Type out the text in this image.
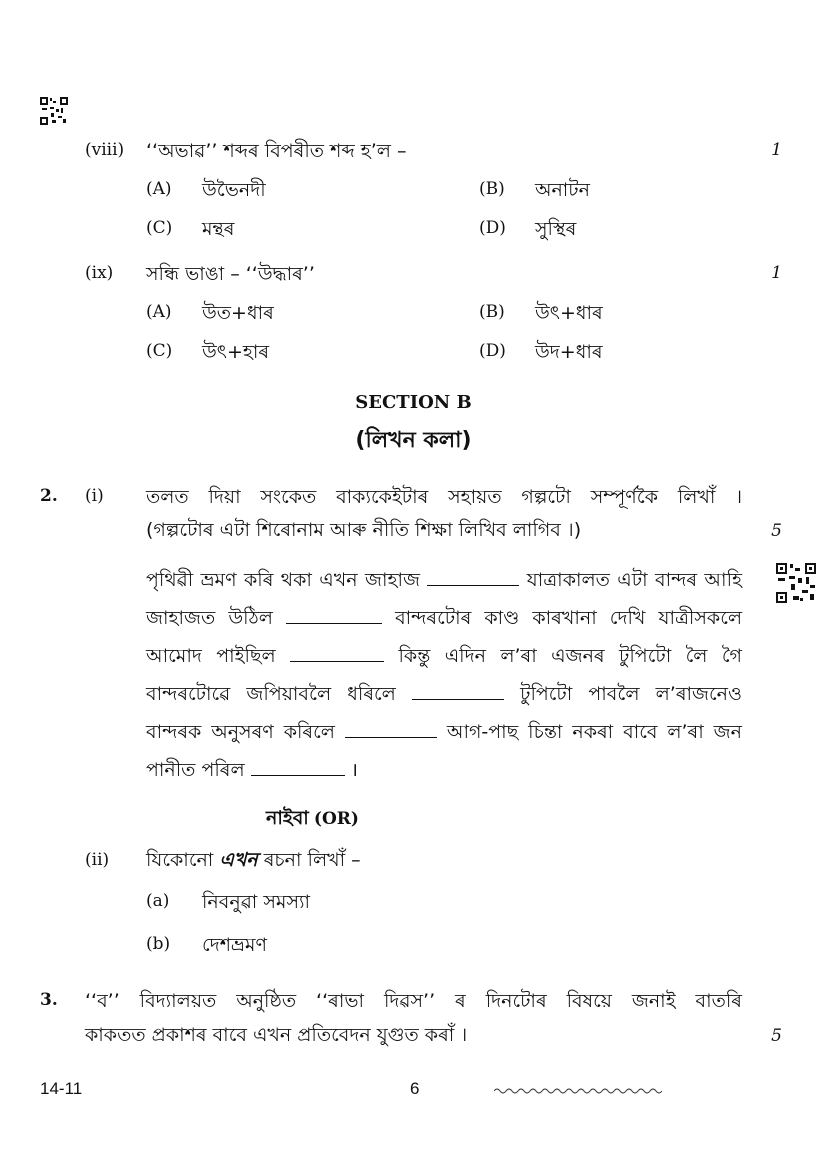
(viii) ‘‘অভাৱ’’ শব্দৰ বিপৰীত শব্দ হ’ল –	1
(A) উভৈনদী	(B) অনাটন
(C) মন্থৰ	(D) সুস্থিৰ
(ix) সন্ধি ভাঙা – ‘‘উদ্ধাৰ’’	1
(A) উত+ধাৰ	(B) উৎ+ধাৰ
(C) উৎ+হাৰ	(D) উদ+ধাৰ
SECTION B
(লিখন কলা)
2. (i) তলত দিয়া সংকেত বাক্যকেইটাৰ সহায়ত গল্পটো সম্পূৰ্ণকৈ লিখাঁ ।
(গল্পটোৰ এটা শিৰোনাম আৰু নীতি শিক্ষা লিখিব লাগিব ।)	5
পৃথিৱী ভ্ৰমণ কৰি থকা এখন জাহাজ	যাত্ৰাকালত এটা বান্দৰ আহি জাহাজত উঠিল	বান্দৰটোৰ কাণ্ড কাৰখানা দেখি যাত্ৰীসকলে আমোদ পাইছিল	কিন্তু এদিন ল’ৰা এজনৰ টুপিটো লৈ গৈ বান্দৰটোৱে জপিয়াবলৈ ধৰিলে	টুপিটো পাবলৈ ল’ৰাজনেও বান্দৰক অনুসৰণ কৰিলে	আগ-পাছ চিন্তা নকৰা বাবে ল’ৰা জন পানীত পৰিল	।
নাইবা (OR)
(ii) যিকোনো এখন ৰচনা লিখাঁ –
(a) নিবনুৱা সমস্যা
(b) দেশভ্ৰমণ
3. ‘‘ব’’ বিদ্যালয়ত অনুষ্ঠিত ‘‘ৰাভা দিৱস’’ ৰ দিনটোৰ বিষয়ে জনাই বাতৰি
কাকতত প্ৰকাশৰ বাবে এখন প্ৰতিবেদন যুগুত কৰাঁ ।	5
14-11	6
